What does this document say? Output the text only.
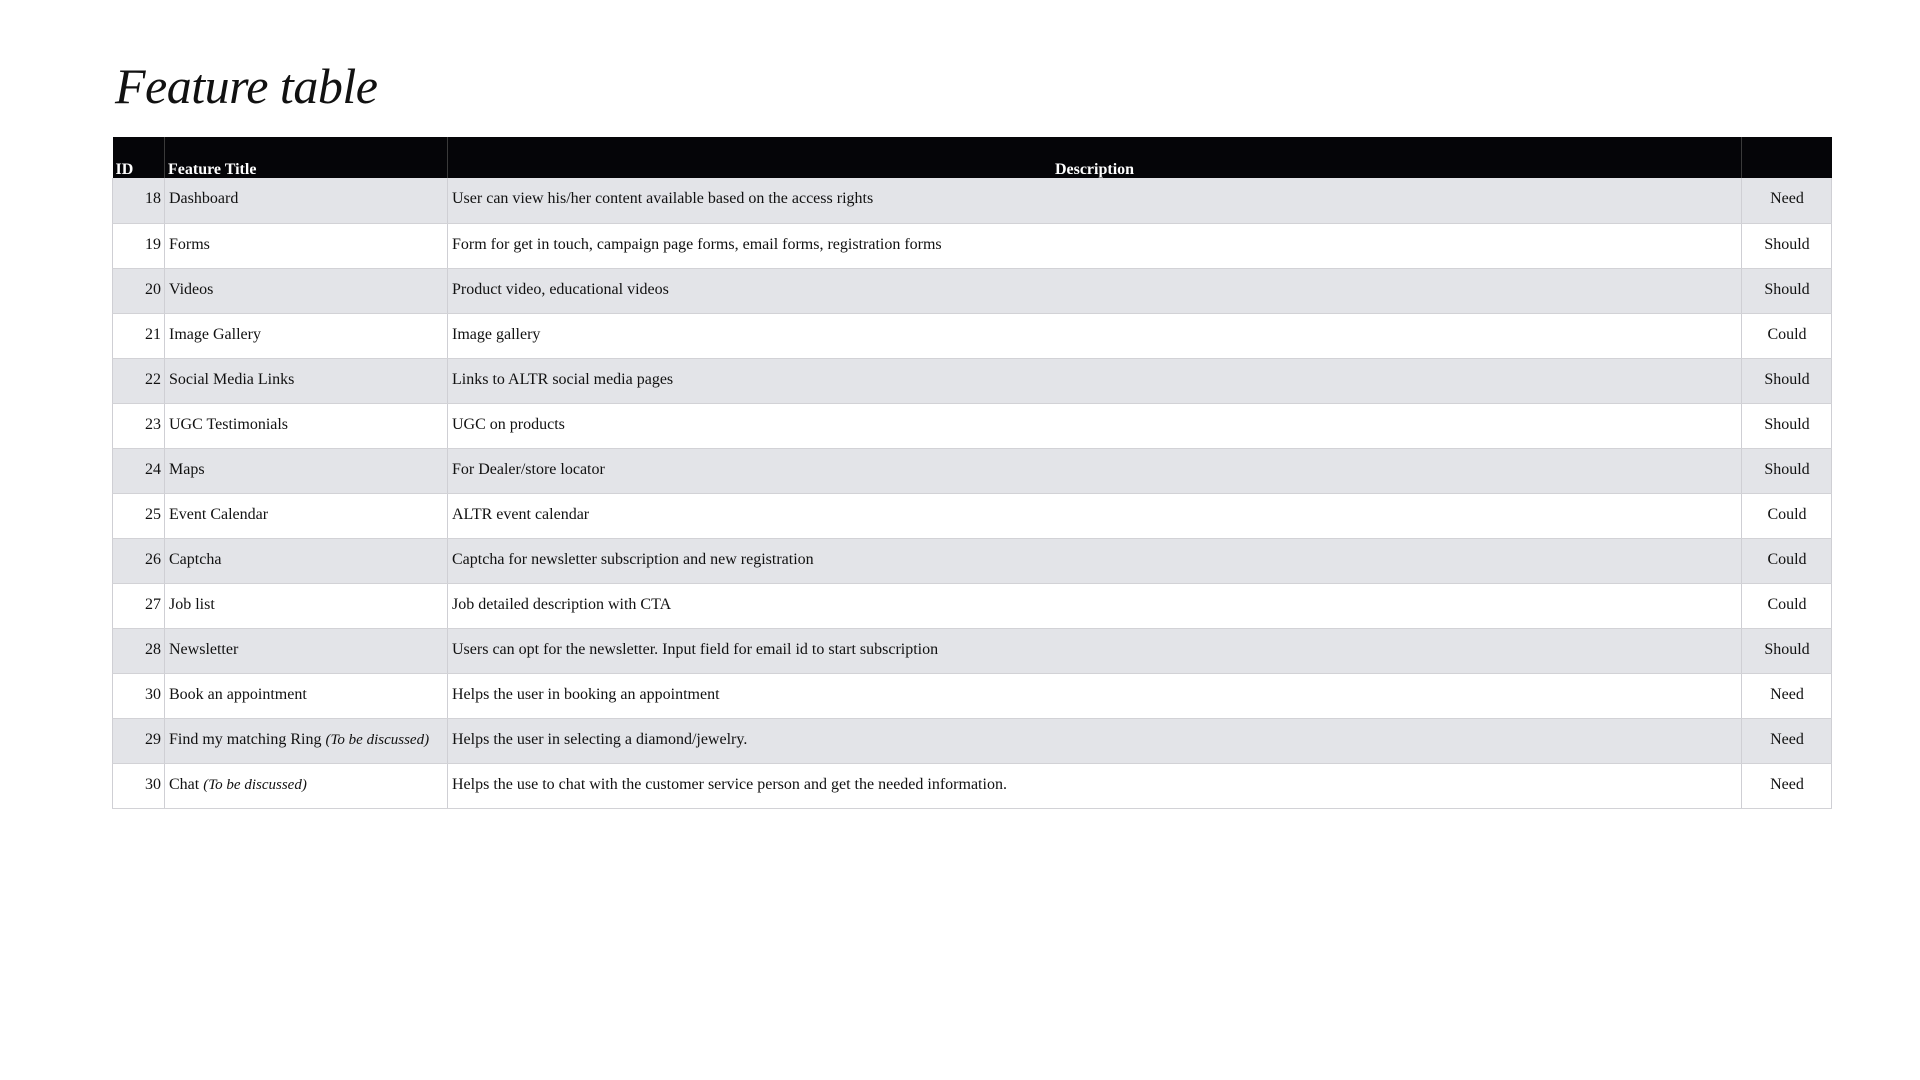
Feature table
ID	Feature Title	Description	
18	Dashboard	User can view his/her content available based on the access rights	Need
19	Forms	Form for get in touch, campaign page forms, email forms, registration forms	Should
20	Videos	Product video, educational videos	Should
21	Image Gallery	Image gallery	Could
22	Social Media Links	Links to ALTR social media pages	Should
23	UGC Testimonials	UGC on products	Should
24	Maps	For Dealer/store locator	Should
25	Event Calendar	ALTR event calendar	Could
26	Captcha	Captcha for newsletter subscription and new registration	Could
27	Job list	Job detailed description with CTA	Could
28	Newsletter	Users can opt for the newsletter. Input field for email id to start subscription	Should
30	Book an appointment	Helps the user in booking an appointment	Need
29	Find my matching Ring (To be discussed)	Helps the user in selecting a diamond/jewelry.	Need
30	Chat (To be discussed)	Helps the use to chat with the customer service person and get the needed information.	Need
